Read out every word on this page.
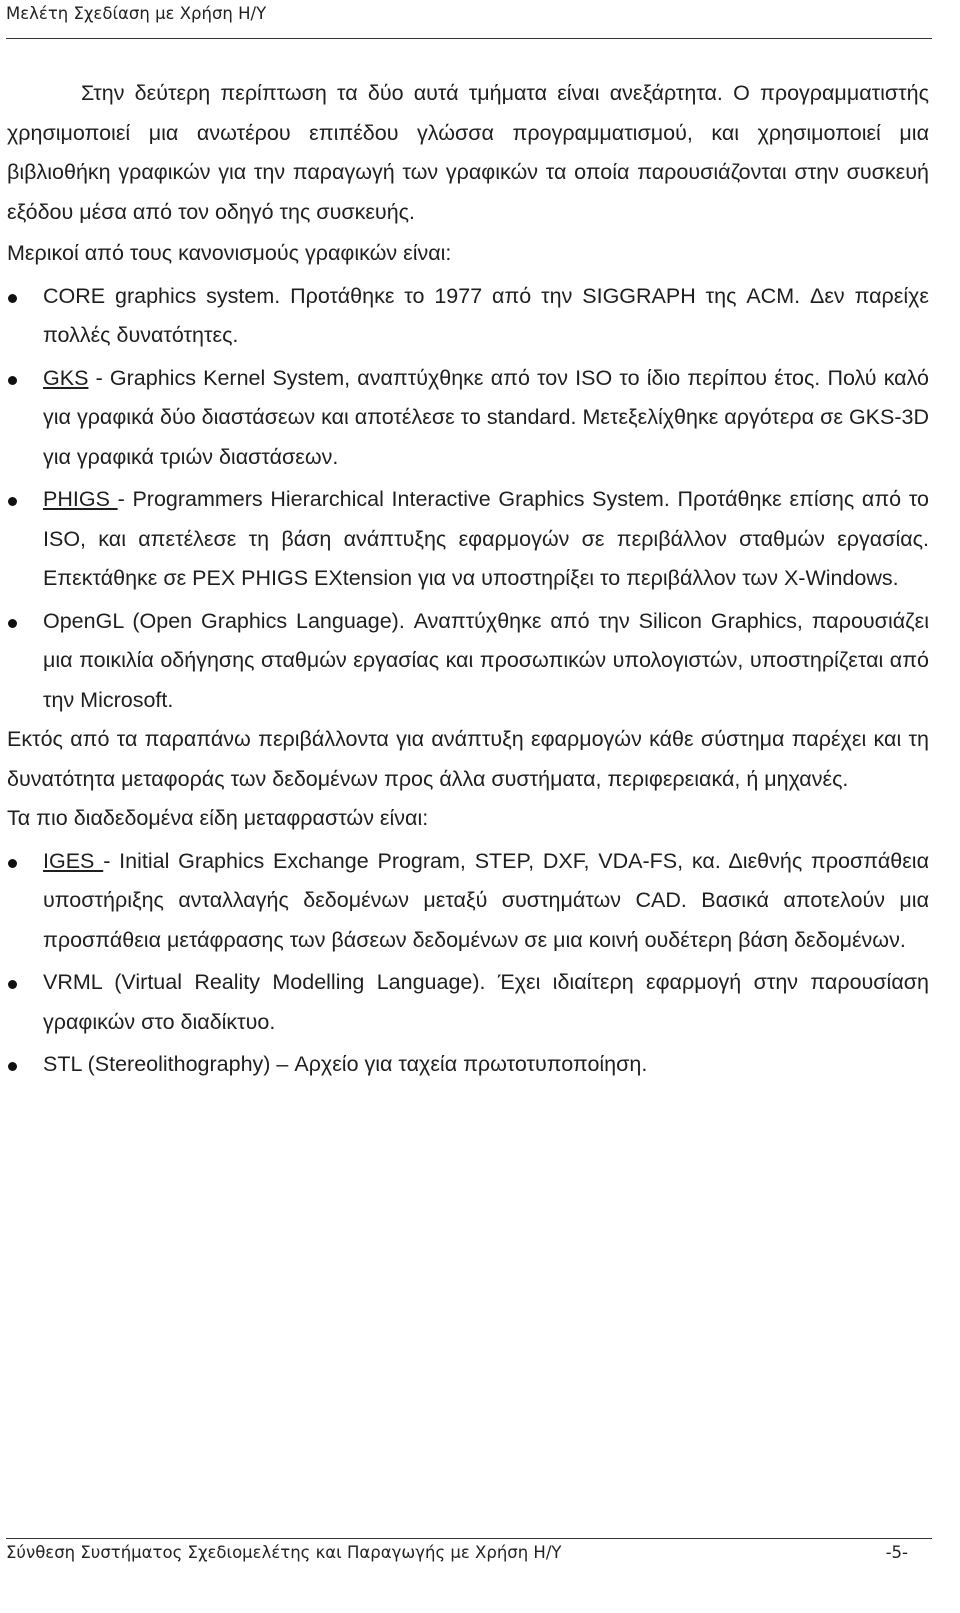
Μελέτη Σχεδίαση με Χρήση Η/Υ

Στην δεύτερη περίπτωση τα δύο αυτά τμήματα είναι ανεξάρτητα. Ο προγραμματιστής χρησιμοποιεί μια ανωτέρου επιπέδου γλώσσα προγραμματισμού, και χρησιμοποιεί μια βιβλιοθήκη γραφικών για την παραγωγή των γραφικών τα οποία παρουσιάζονται στην συσκευή εξόδου μέσα από τον οδηγό της συσκευής.

Μερικοί από τους κανονισμούς γραφικών είναι:

CORE graphics system. Προτάθηκε το 1977 από την SIGGRAPH της ACM. Δεν παρείχε πολλές δυνατότητες.
GKS - Graphics Kernel System, αναπτύχθηκε από τον ISO το ίδιο περίπου έτος. Πολύ καλό για γραφικά δύο διαστάσεων και αποτέλεσε το standard. Μετεξελίχθηκε αργότερα σε GKS-3D για γραφικά τριών διαστάσεων.
PHIGS - Programmers Hierarchical Interactive Graphics System. Προτάθηκε επίσης από το ISO, και απετέλεσε τη βάση ανάπτυξης εφαρμογών σε περιβάλλον σταθμών εργασίας. Επεκτάθηκε σε PEX PHIGS EXtension για να υποστηρίξει το περιβάλλον των X-Windows.
OpenGL (Open Graphics Language). Αναπτύχθηκε από την Silicon Graphics, παρουσιάζει μια ποικιλία οδήγησης σταθμών εργασίας και προσωπικών υπολογιστών, υποστηρίζεται από την Microsoft.

Εκτός από τα παραπάνω περιβάλλοντα για ανάπτυξη εφαρμογών κάθε σύστημα παρέχει και τη δυνατότητα μεταφοράς των δεδομένων προς άλλα συστήματα, περιφερειακά, ή μηχανές.

Τα πιο διαδεδομένα είδη μεταφραστών είναι:

IGES - Initial Graphics Exchange Program, STEP, DXF, VDA-FS, κα. Διεθνής προσπάθεια υποστήριξης ανταλλαγής δεδομένων μεταξύ συστημάτων CAD. Βασικά αποτελούν μια προσπάθεια μετάφρασης των βάσεων δεδομένων σε μια κοινή ουδέτερη βάση δεδομένων.
VRML (Virtual Reality Modelling Language). Έχει ιδιαίτερη εφαρμογή στην παρουσίαση γραφικών στο διαδίκτυο.
STL (Stereolithography) – Αρχείο για ταχεία πρωτοτυποποίηση.
Σύνθεση Συστήματος Σχεδιομελέτης και Παραγωγής με Χρήση Η/Υ	-5-
